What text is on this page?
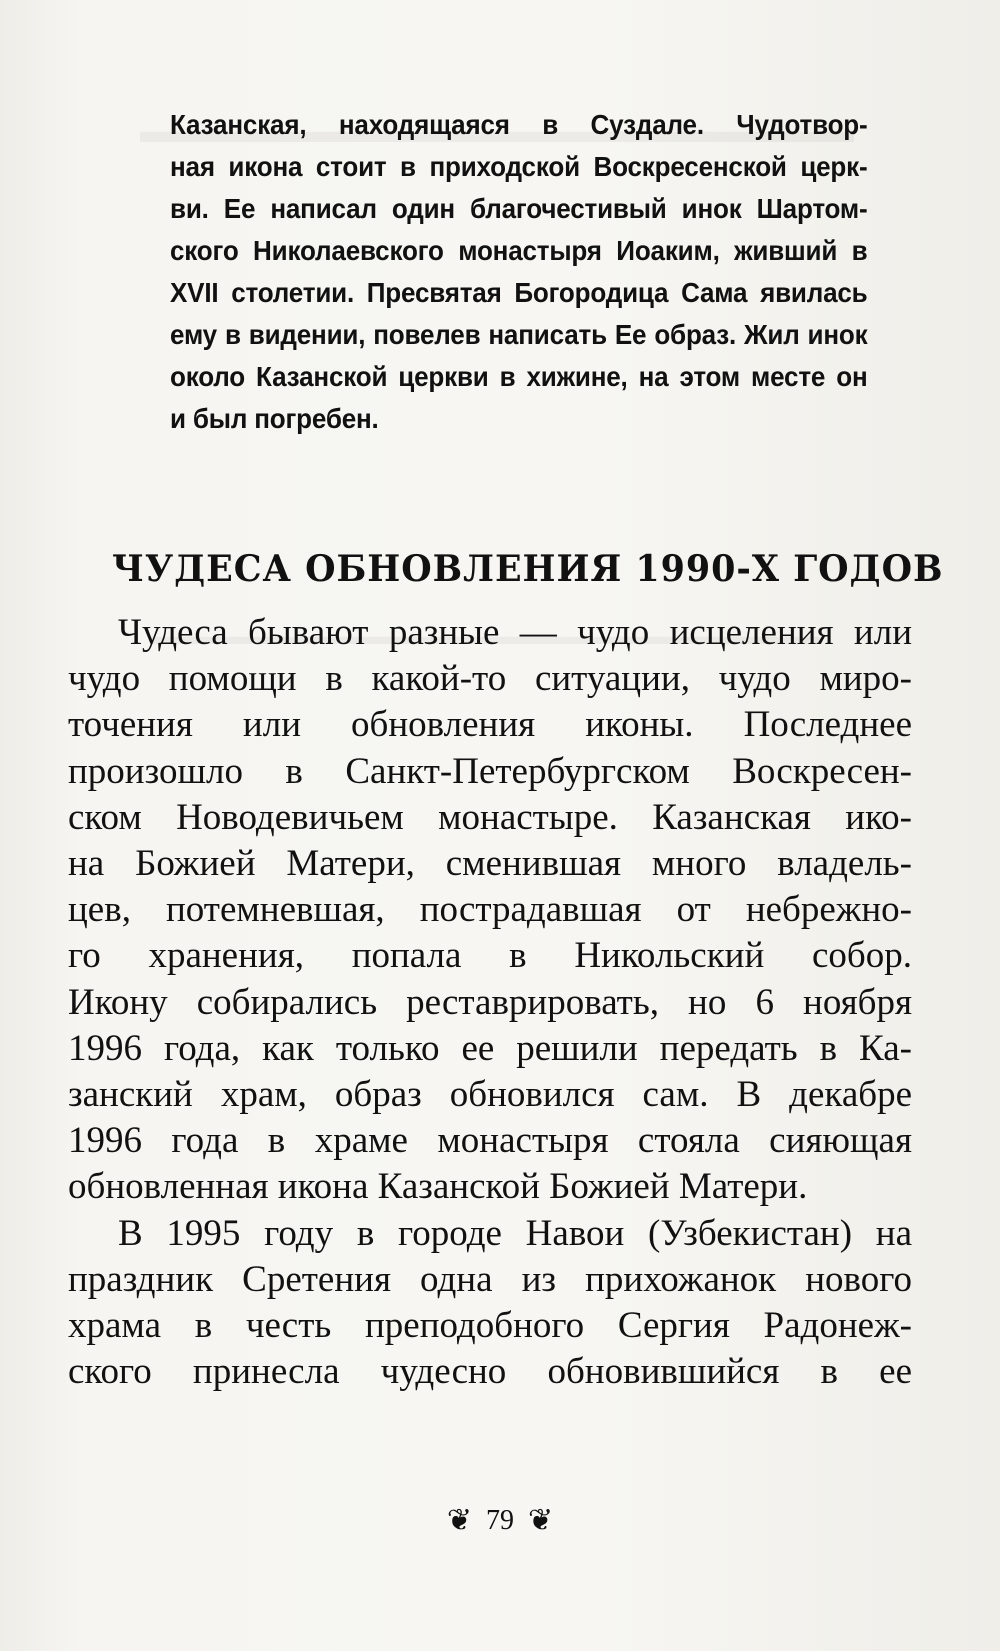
Казанская, находящаяся в Суздале. Чудотвор-
ная икона стоит в приходской Воскресенской церк-
ви. Ее написал один благочестивый инок Шартом-
ского Николаевского монастыря Иоаким, живший в
XVII столетии. Пресвятая Богородица Сама явилась
ему в видении, повелев написать Ее образ. Жил инок
около Казанской церкви в хижине, на этом месте он
и был погребен.
ЧУДЕСА ОБНОВЛЕНИЯ 1990-Х ГОДОВ
Чудеса бывают разные — чудо исцеления или
чудо помощи в какой-то ситуации, чудо миро-
точения или обновления иконы. Последнее
произошло в Санкт-Петербургском Воскресен-
ском Новодевичьем монастыре. Казанская ико-
на Божией Матери, сменившая много владель-
цев, потемневшая, пострадавшая от небрежно-
го хранения, попала в Никольский собор.
Икону собирались реставрировать, но 6 ноября
1996 года, как только ее решили передать в Ка-
занский храм, образ обновился сам. В декабре
1996 года в храме монастыря стояла сияющая
обновленная икона Казанской Божией Матери.
В 1995 году в городе Навои (Узбекистан) на
праздник Сретения одна из прихожанок нового
храма в честь преподобного Сергия Радонеж-
ского принесла чудесно обновившийся в ее
❦ 79 ❦
